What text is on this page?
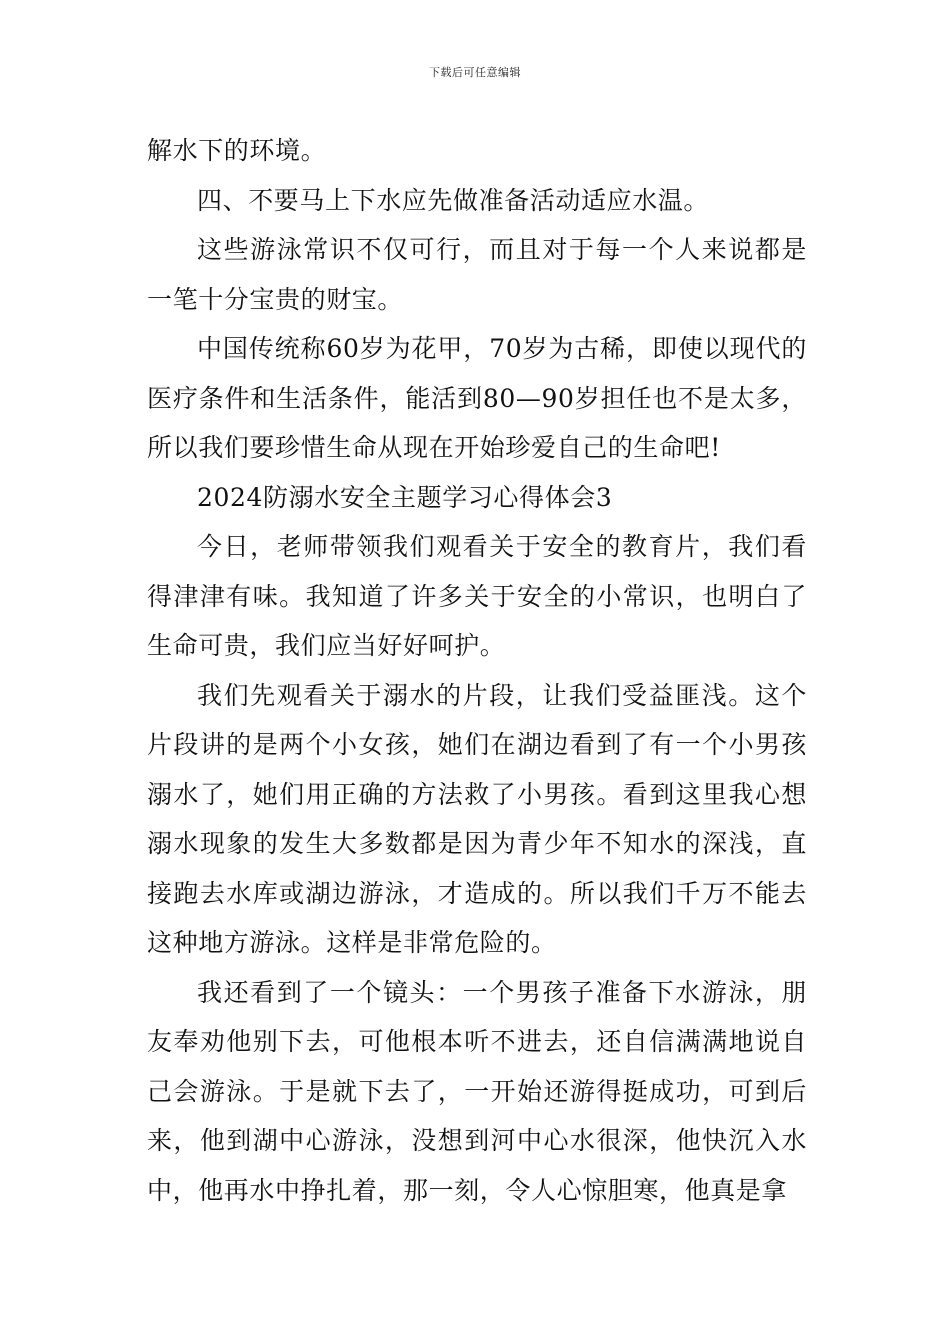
下载后可任意编辑

解水下的环境。

四、不要马上下水应先做准备活动适应水温。

这些游泳常识不仅可行，而且对于每一个人来说都是一笔十分宝贵的财宝。

中国传统称60岁为花甲，70岁为古稀，即使以现代的医疗条件和生活条件，能活到80—90岁担任也不是太多，所以我们要珍惜生命从现在开始珍爱自己的生命吧!

2024防溺水安全主题学习心得体会3

今日，老师带领我们观看关于安全的教育片，我们看得津津有味。我知道了许多关于安全的小常识，也明白了生命可贵，我们应当好好呵护。

我们先观看关于溺水的片段，让我们受益匪浅。这个片段讲的是两个小女孩，她们在湖边看到了有一个小男孩溺水了，她们用正确的方法救了小男孩。看到这里我心想溺水现象的发生大多数都是因为青少年不知水的深浅，直接跑去水库或湖边游泳，才造成的。所以我们千万不能去这种地方游泳。这样是非常危险的。

我还看到了一个镜头：一个男孩子准备下水游泳，朋友奉劝他别下去，可他根本听不进去，还自信满满地说自己会游泳。于是就下去了，一开始还游得挺成功，可到后来，他到湖中心游泳，没想到河中心水很深，他快沉入水中，他再水中挣扎着，那一刻，令人心惊胆寒，他真是拿
